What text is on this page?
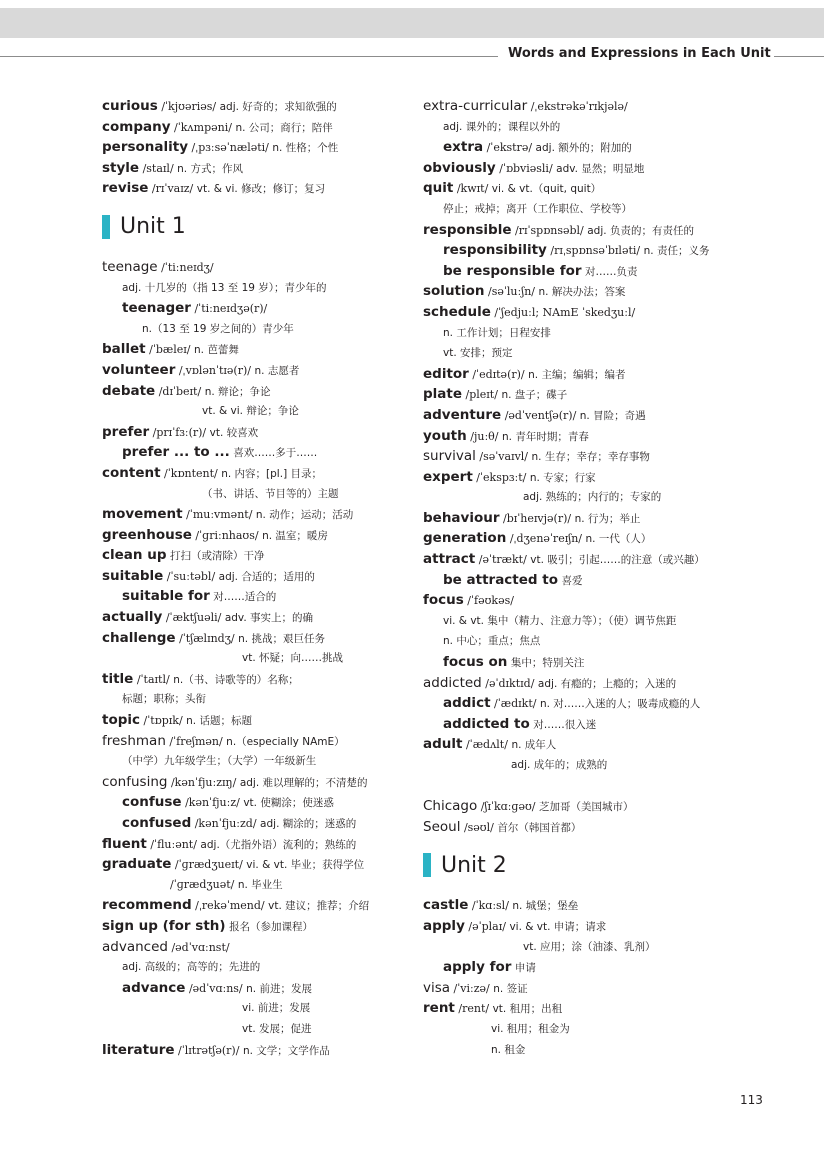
Words and Expressions in Each Unit
curious /ˈkjʊəriəs/ adj. 好奇的；求知欲强的
company /ˈkʌmpəni/ n. 公司；商行；陪伴
personality /ˌpɜːsəˈnæləti/ n. 性格；个性
style /staɪl/ n. 方式；作风
revise /rɪˈvaɪz/ vt. & vi. 修改；修订；复习
Unit 1
teenage /ˈtiːneɪdʒ/
adj. 十几岁的（指 13 至 19 岁）；青少年的
teenager /ˈtiːneɪdʒə(r)/
n.（13 至 19 岁之间的）青少年
ballet /ˈbæleɪ/ n. 芭蕾舞
volunteer /ˌvɒlənˈtɪə(r)/ n. 志愿者
debate /dɪˈbeɪt/ n. 辩论；争论
vt. & vi. 辩论；争论
prefer /prɪˈfɜː(r)/ vt. 较喜欢
prefer ... to ... 喜欢……多于……
content /ˈkɒntent/ n. 内容；[pl.] 目录；
（书、讲话、节目等的）主题
movement /ˈmuːvmənt/ n. 动作；运动；活动
greenhouse /ˈgriːnhaʊs/ n. 温室；暖房
clean up 打扫（或清除）干净
suitable /ˈsuːtəbl/ adj. 合适的；适用的
suitable for 对……适合的
actually /ˈæktʃuəli/ adv. 事实上；的确
challenge /ˈtʃælɪndʒ/ n. 挑战；艰巨任务
vt. 怀疑；向……挑战
title /ˈtaɪtl/ n.（书、诗歌等的）名称；
标题；职称；头衔
topic /ˈtɒpɪk/ n. 话题；标题
freshman /ˈfreʃmən/ n.（especially NAmE）
（中学）九年级学生；（大学）一年级新生
confusing /kənˈfjuːzɪŋ/ adj. 难以理解的；不清楚的
confuse /kənˈfjuːz/ vt. 使糊涂；使迷惑
confused /kənˈfjuːzd/ adj. 糊涂的；迷惑的
fluent /ˈfluːənt/ adj.（尤指外语）流利的；熟练的
graduate /ˈɡrædʒueɪt/ vi. & vt. 毕业；获得学位
/ˈɡrædʒuət/ n. 毕业生
recommend /ˌrekəˈmend/ vt. 建议；推荐；介绍
sign up (for sth) 报名（参加课程）
advanced /ədˈvɑːnst/
adj. 高级的；高等的；先进的
advance /ədˈvɑːns/ n. 前进；发展
vi. 前进；发展
vt. 发展；促进
literature /ˈlɪtrətʃə(r)/ n. 文学；文学作品
extra-curricular /ˌekstrəkəˈrɪkjələ/
adj. 课外的；课程以外的
extra /ˈekstrə/ adj. 额外的；附加的
obviously /ˈɒbviəsli/ adv. 显然；明显地
quit /kwɪt/ vi. & vt.（quit, quit）
停止；戒掉；离开（工作职位、学校等）
responsible /rɪˈspɒnsəbl/ adj. 负责的；有责任的
responsibility /rɪˌspɒnsəˈbɪləti/ n. 责任；义务
be responsible for 对……负责
solution /səˈluːʃn/ n. 解决办法；答案
schedule /ˈʃedjuːl; NAmE ˈskedʒuːl/
n. 工作计划；日程安排
vt. 安排；预定
editor /ˈedɪtə(r)/ n. 主编；编辑；编者
plate /pleɪt/ n. 盘子；碟子
adventure /ədˈventʃə(r)/ n. 冒险；奇遇
youth /juːθ/ n. 青年时期；青春
survival /səˈvaɪvl/ n. 生存；幸存；幸存事物
expert /ˈekspɜːt/ n. 专家；行家
adj. 熟练的；内行的；专家的
behaviour /bɪˈheɪvjə(r)/ n. 行为；举止
generation /ˌdʒenəˈreɪʃn/ n. 一代（人）
attract /əˈtrækt/ vt. 吸引；引起……的注意（或兴趣）
be attracted to 喜爱
focus /ˈfəʊkəs/
vi. & vt. 集中（精力、注意力等）；（使）调节焦距
n. 中心；重点；焦点
focus on 集中；特别关注
addicted /əˈdɪktɪd/ adj. 有瘾的；上瘾的；入迷的
addict /ˈædɪkt/ n. 对……入迷的人；吸毒成瘾的人
addicted to 对……很入迷
adult /ˈædʌlt/ n. 成年人
adj. 成年的；成熟的
Chicago /ʃɪˈkɑːɡəʊ/ 芝加哥（美国城市）
Seoul /səʊl/ 首尔（韩国首都）
Unit 2
castle /ˈkɑːsl/ n. 城堡；堡垒
apply /əˈplaɪ/ vi. & vt. 申请；请求
vt. 应用；涂（油漆、乳剂）
apply for 申请
visa /ˈviːzə/ n. 签证
rent /rent/ vt. 租用；出租
vi. 租用；租金为
n. 租金
113
